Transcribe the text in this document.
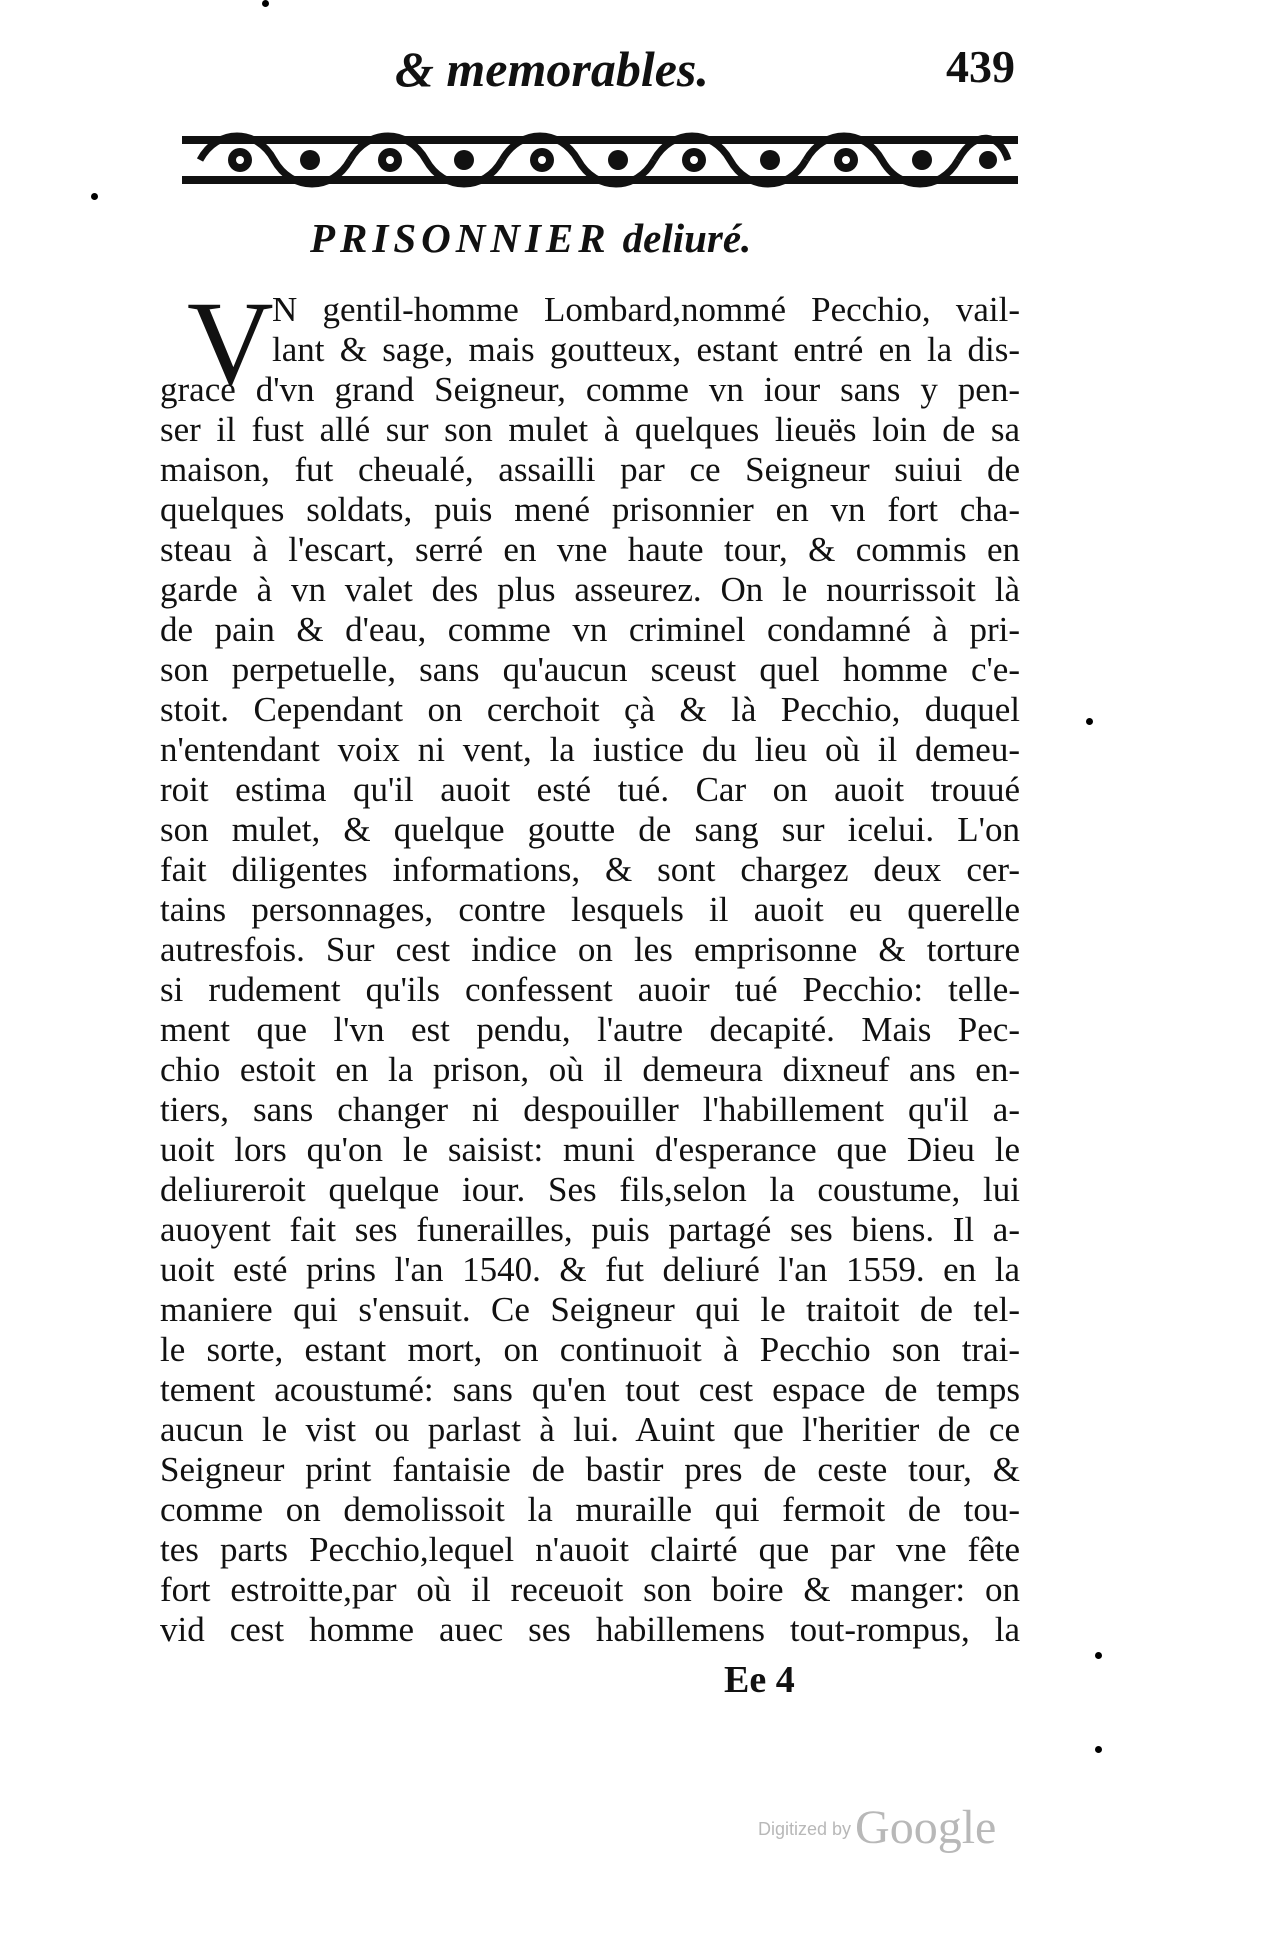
& memorables.	439
PRISONNIER deliuré.
V
N gentil-homme Lombard,nommé Pecchio, vail-
lant & sage, mais goutteux, estant entré en la dis-
grace d'vn grand Seigneur, comme vn iour sans y pen-
ser il fust allé sur son mulet à quelques lieuës loin de sa
maison, fut cheualé, assailli par ce Seigneur suiui de
quelques soldats, puis mené prisonnier en vn fort cha-
steau à l'escart, serré en vne haute tour, & commis en
garde à vn valet des plus asseurez. On le nourrissoit là
de pain & d'eau, comme vn criminel condamné à pri-
son perpetuelle, sans qu'aucun sceust quel homme c'e-
stoit. Cependant on cerchoit çà & là Pecchio, duquel
n'entendant voix ni vent, la iustice du lieu où il demeu-
roit estima qu'il auoit esté tué. Car on auoit trouué
son mulet, & quelque goutte de sang sur icelui. L'on
fait diligentes informations, & sont chargez deux cer-
tains personnages, contre lesquels il auoit eu querelle
autresfois. Sur cest indice on les emprisonne & torture
si rudement qu'ils confessent auoir tué Pecchio: telle-
ment que l'vn est pendu, l'autre decapité. Mais Pec-
chio estoit en la prison, où il demeura dixneuf ans en-
tiers, sans changer ni despouiller l'habillement qu'il a-
uoit lors qu'on le saisist: muni d'esperance que Dieu le
deliureroit quelque iour. Ses fils,selon la coustume, lui
auoyent fait ses funerailles, puis partagé ses biens. Il a-
uoit esté prins l'an 1540. & fut deliuré l'an 1559. en la
maniere qui s'ensuit. Ce Seigneur qui le traitoit de tel-
le sorte, estant mort, on continuoit à Pecchio son trai-
tement acoustumé: sans qu'en tout cest espace de temps
aucun le vist ou parlast à lui. Auint que l'heritier de ce
Seigneur print fantaisie de bastir pres de ceste tour, &
comme on demolissoit la muraille qui fermoit de tou-
tes parts Pecchio,lequel n'auoit clairté que par vne fête
fort estroitte,par où il receuoit son boire & manger: on
vid cest homme auec ses habillemens tout-rompus, la
Ee 4
Digitized byGoogle
